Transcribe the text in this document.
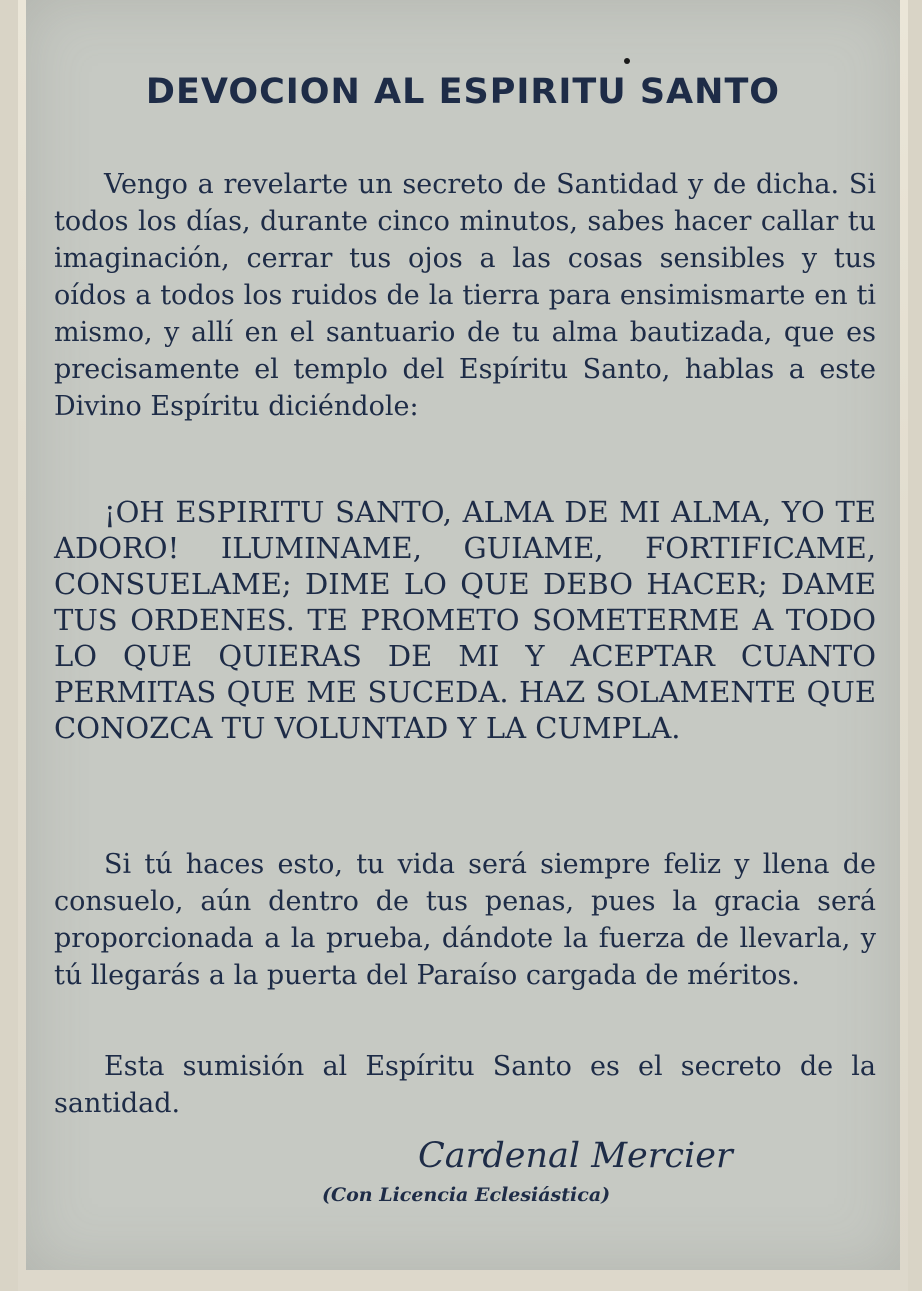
DEVOCION AL ESPIRITU SANTO

Vengo a revelarte un secreto de Santidad y de dicha. Si todos los días, durante cinco minutos, sabes hacer callar tu imaginación, cerrar tus ojos a las cosas sensibles y tus oídos a todos los ruidos de la tierra para ensimismarte en ti mismo, y allí en el santuario de tu alma bautizada, que es precisamente el templo del Espíritu Santo, hablas a este Divino Espíritu diciéndole:

¡OH ESPIRITU SANTO, ALMA DE MI ALMA, YO TE ADORO! ILUMINAME, GUIAME, FORTIFICAME, CONSUELAME; DIME LO QUE DEBO HACER; DAME TUS ORDENES. TE PROMETO SOMETERME A TODO LO QUE QUIERAS DE MI Y ACEPTAR CUANTO PERMITAS QUE ME SUCEDA. HAZ SOLAMENTE QUE CONOZCA TU VOLUNTAD Y LA CUMPLA.

Si tú haces esto, tu vida será siempre feliz y llena de consuelo, aún dentro de tus penas, pues la gracia será proporcionada a la prueba, dándote la fuerza de llevarla, y tú llegarás a la puerta del Paraíso cargada de méritos.

Esta sumisión al Espíritu Santo es el secreto de la santidad.

Cardenal Mercier

(Con Licencia Eclesiástica)
